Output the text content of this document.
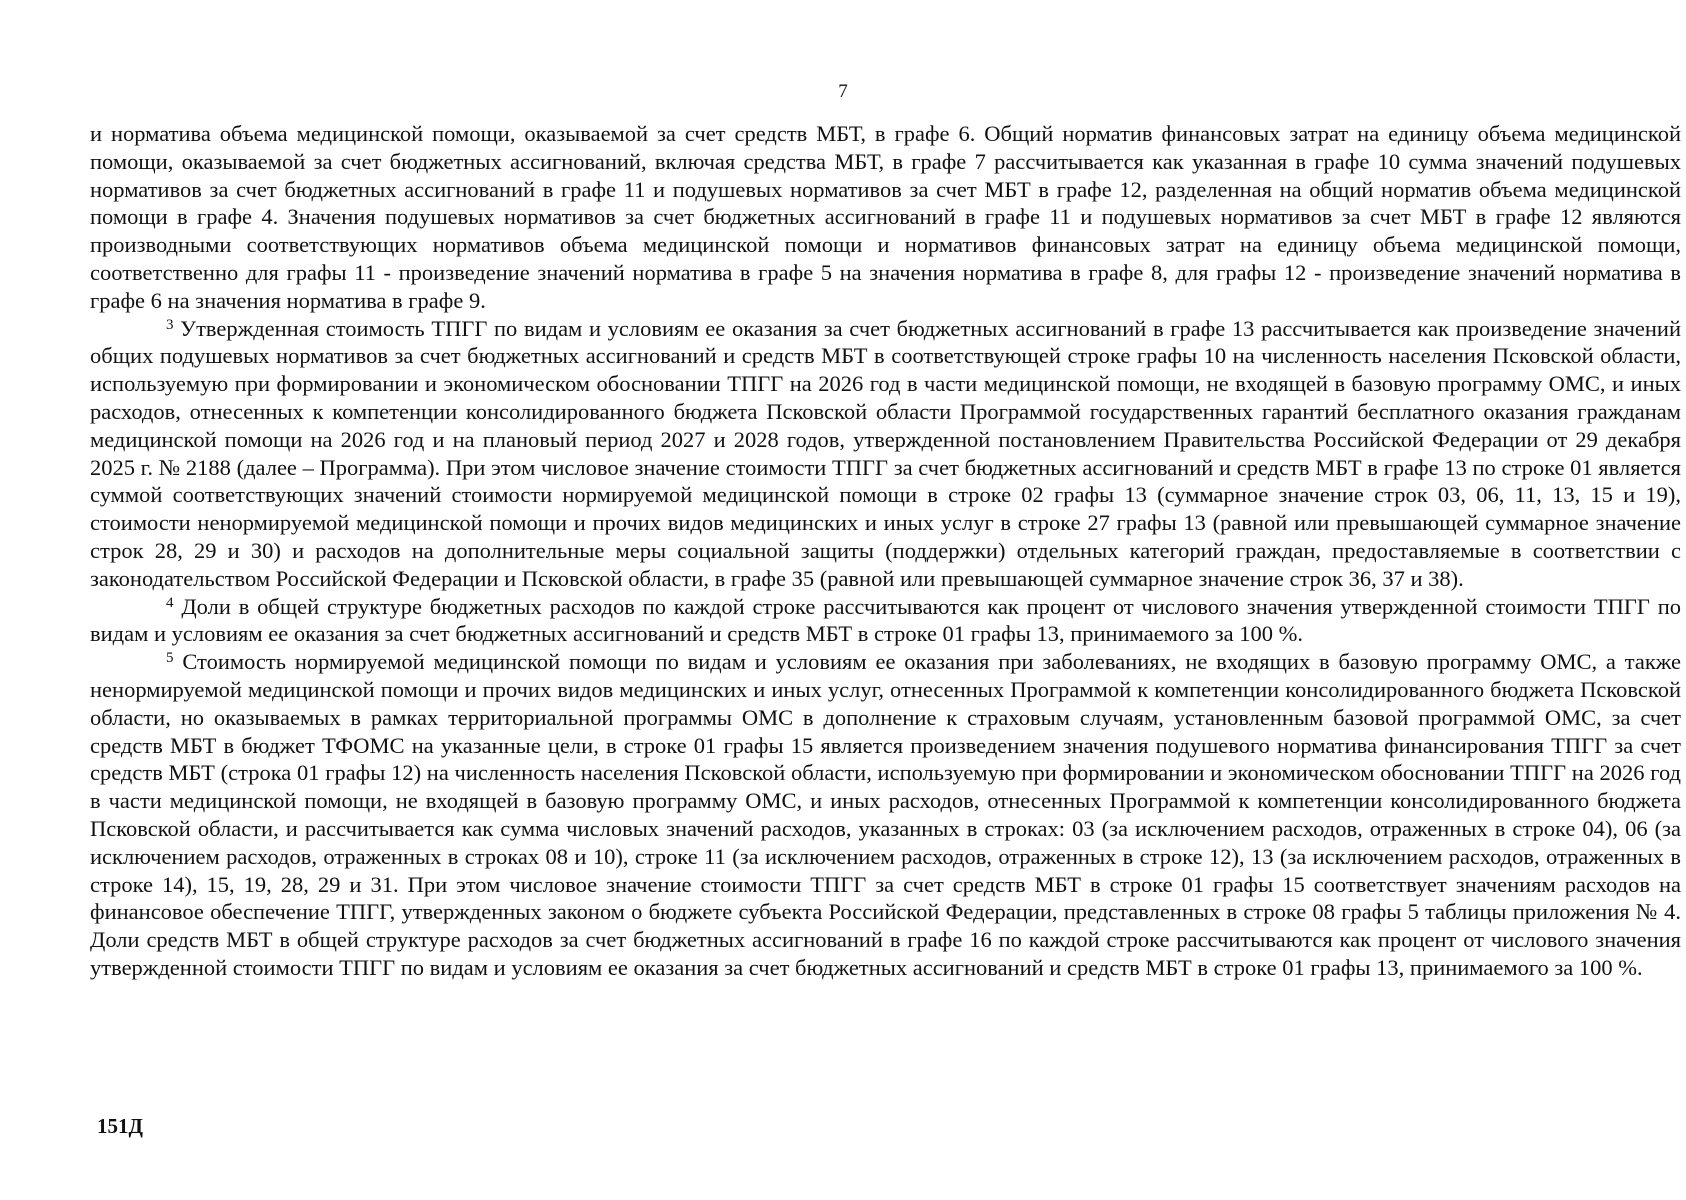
7

и норматива объема медицинской помощи, оказываемой за счет средств МБТ, в графе 6. Общий норматив финансовых затрат на единицу объема медицинской помощи, оказываемой за счет бюджетных ассигнований, включая средства МБТ, в графе 7 рассчитывается как указанная в графе 10 сумма значений подушевых нормативов за счет бюджетных ассигнований в графе 11 и подушевых нормативов за счет МБТ в графе 12, разделенная на общий норматив объема медицинской помощи в графе 4. Значения подушевых нормативов за счет бюджетных ассигнований в графе 11 и подушевых нормативов за счет МБТ в графе 12 являются производными соответствующих нормативов объема медицинской помощи и нормативов финансовых затрат на единицу объема медицинской помощи, соответственно для графы 11 - произведение значений норматива в графе 5 на значения норматива в графе 8, для графы 12 - произведение значений норматива в графе 6 на значения норматива в графе 9.

$^3$ Утвержденная стоимость ТПГГ по видам и условиям ее оказания за счет бюджетных ассигнований в графе 13 рассчитывается как произведение значений общих подушевых нормативов за счет бюджетных ассигнований и средств МБТ в соответствующей строке графы 10 на численность населения Псковской области, используемую при формировании и экономическом обосновании ТПГГ на 2026 год в части медицинской помощи, не входящей в базовую программу ОМС, и иных расходов, отнесенных к компетенции консолидированного бюджета Псковской области Программой государственных гарантий бесплатного оказания гражданам медицинской помощи на 2026 год и на плановый период 2027 и 2028 годов, утвержденной постановлением Правительства Российской Федерации от 29 декабря 2025 г. № 2188 (далее – Программа). При этом числовое значение стоимости ТПГГ за счет бюджетных ассигнований и средств МБТ в графе 13 по строке 01 является суммой соответствующих значений стоимости нормируемой медицинской помощи в строке 02 графы 13 (суммарное значение строк 03, 06, 11, 13, 15 и 19), стоимости ненормируемой медицинской помощи и прочих видов медицинских и иных услуг в строке 27 графы 13 (равной или превышающей суммарное значение строк 28, 29 и 30) и расходов на дополнительные меры социальной защиты (поддержки) отдельных категорий граждан, предоставляемые в соответствии с законодательством Российской Федерации и Псковской области, в графе 35 (равной или превышающей суммарное значение строк 36, 37 и 38).

$^4$ Доли в общей структуре бюджетных расходов по каждой строке рассчитываются как процент от числового значения утвержденной стоимости ТПГГ по видам и условиям ее оказания за счет бюджетных ассигнований и средств МБТ в строке 01 графы 13, принимаемого за 100 %.

$^5$ Стоимость нормируемой медицинской помощи по видам и условиям ее оказания при заболеваниях, не входящих в базовую программу ОМС, а также ненормируемой медицинской помощи и прочих видов медицинских и иных услуг, отнесенных Программой к компетенции консолидированного бюджета Псковской области, но оказываемых в рамках территориальной программы ОМС в дополнение к страховым случаям, установленным базовой программой ОМС, за счет средств МБТ в бюджет ТФОМС на указанные цели, в строке 01 графы 15 является произведением значения подушевого норматива финансирования ТПГГ за счет средств МБТ (строка 01 графы 12) на численность населения Псковской области, используемую при формировании и экономическом обосновании ТПГГ на 2026 год в части медицинской помощи, не входящей в базовую программу ОМС, и иных расходов, отнесенных Программой к компетенции консолидированного бюджета Псковской области, и рассчитывается как сумма числовых значений расходов, указанных в строках: 03 (за исключением расходов, отраженных в строке 04), 06 (за исключением расходов, отраженных в строках 08 и 10), строке 11 (за исключением расходов, отраженных в строке 12), 13 (за исключением расходов, отраженных в строке 14), 15, 19, 28, 29 и 31. При этом числовое значение стоимости ТПГГ за счет средств МБТ в строке 01 графы 15 соответствует значениям расходов на финансовое обеспечение ТПГГ, утвержденных законом о бюджете субъекта Российской Федерации, представленных в строке 08 графы 5 таблицы приложения № 4. Доли средств МБТ в общей структуре расходов за счет бюджетных ассигнований в графе 16 по каждой строке рассчитываются как процент от числового значения утвержденной стоимости ТПГГ по видам и условиям ее оказания за счет бюджетных ассигнований и средств МБТ в строке 01 графы 13, принимаемого за 100 %.

151Д
